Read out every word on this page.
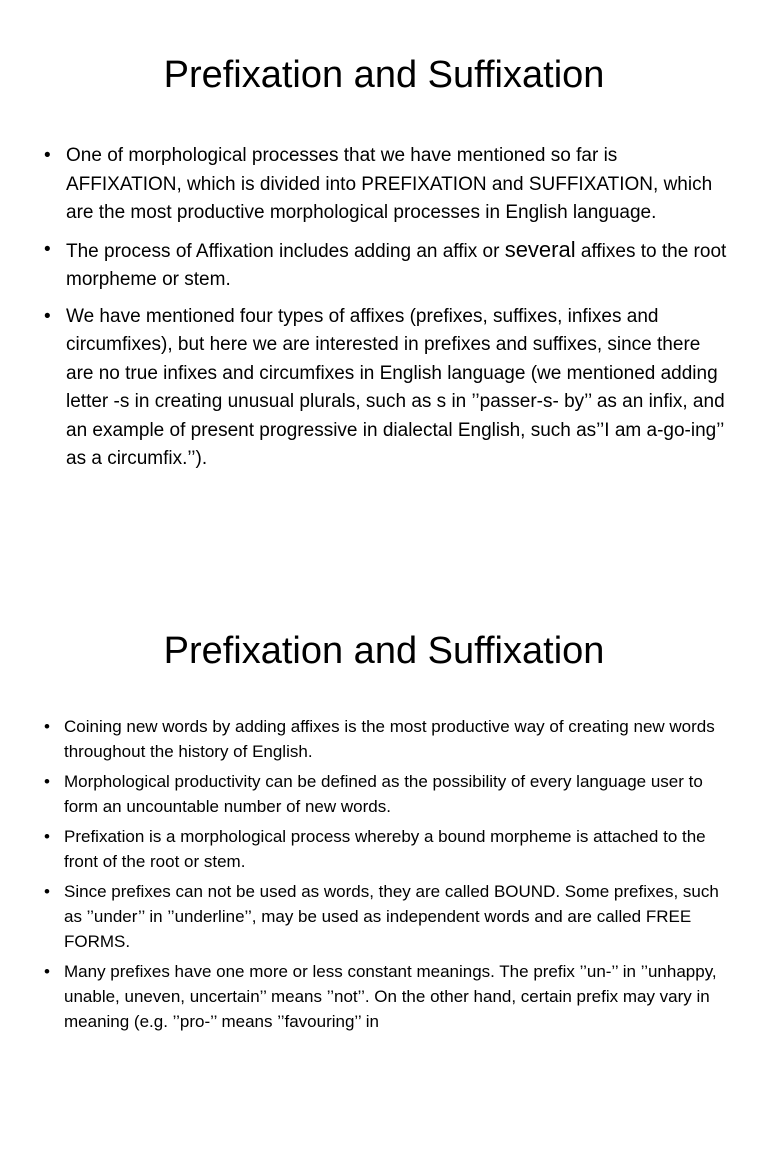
Prefixation and Suffixation
• One of morphological processes that we have mentioned so far is AFFIXATION, which is divided into PREFIXATION and SUFFIXATION, which are the most productive morphological processes in English language.
• The process of Affixation includes adding an affix or several affixes to the root morpheme or stem.
• We have mentioned four types of affixes (prefixes, suffixes, infixes and circumfixes), but here we are interested in prefixes and suffixes, since there are no true infixes and circumfixes in English language (we mentioned adding letter -s in creating unusual plurals, such as s in ’’passer-s- by’’ as an infix, and an example of present progressive in dialectal English, such as’’I am a-go-ing’’ as a circumfix.’’).
Prefixation and Suffixation
• Coining new words by adding affixes is the most productive way of creating new words throughout the history of English.
• Morphological productivity can be defined as the possibility of every language user to form an uncountable number of new words.
• Prefixation is a morphological process whereby a bound morpheme is attached to the front of the root or stem.
• Since prefixes can not be used as words, they are called BOUND. Some prefixes, such as ’’under’’ in ’’underline’’, may be used as independent words and are called FREE FORMS.
• Many prefixes have one more or less constant meanings. The prefix ’’un-’’ in ’’unhappy, unable, uneven, uncertain’’ means ’’not’’. On the other hand, certain prefix may vary in meaning (e.g. ’’pro-’’ means ’’favouring’’ in
